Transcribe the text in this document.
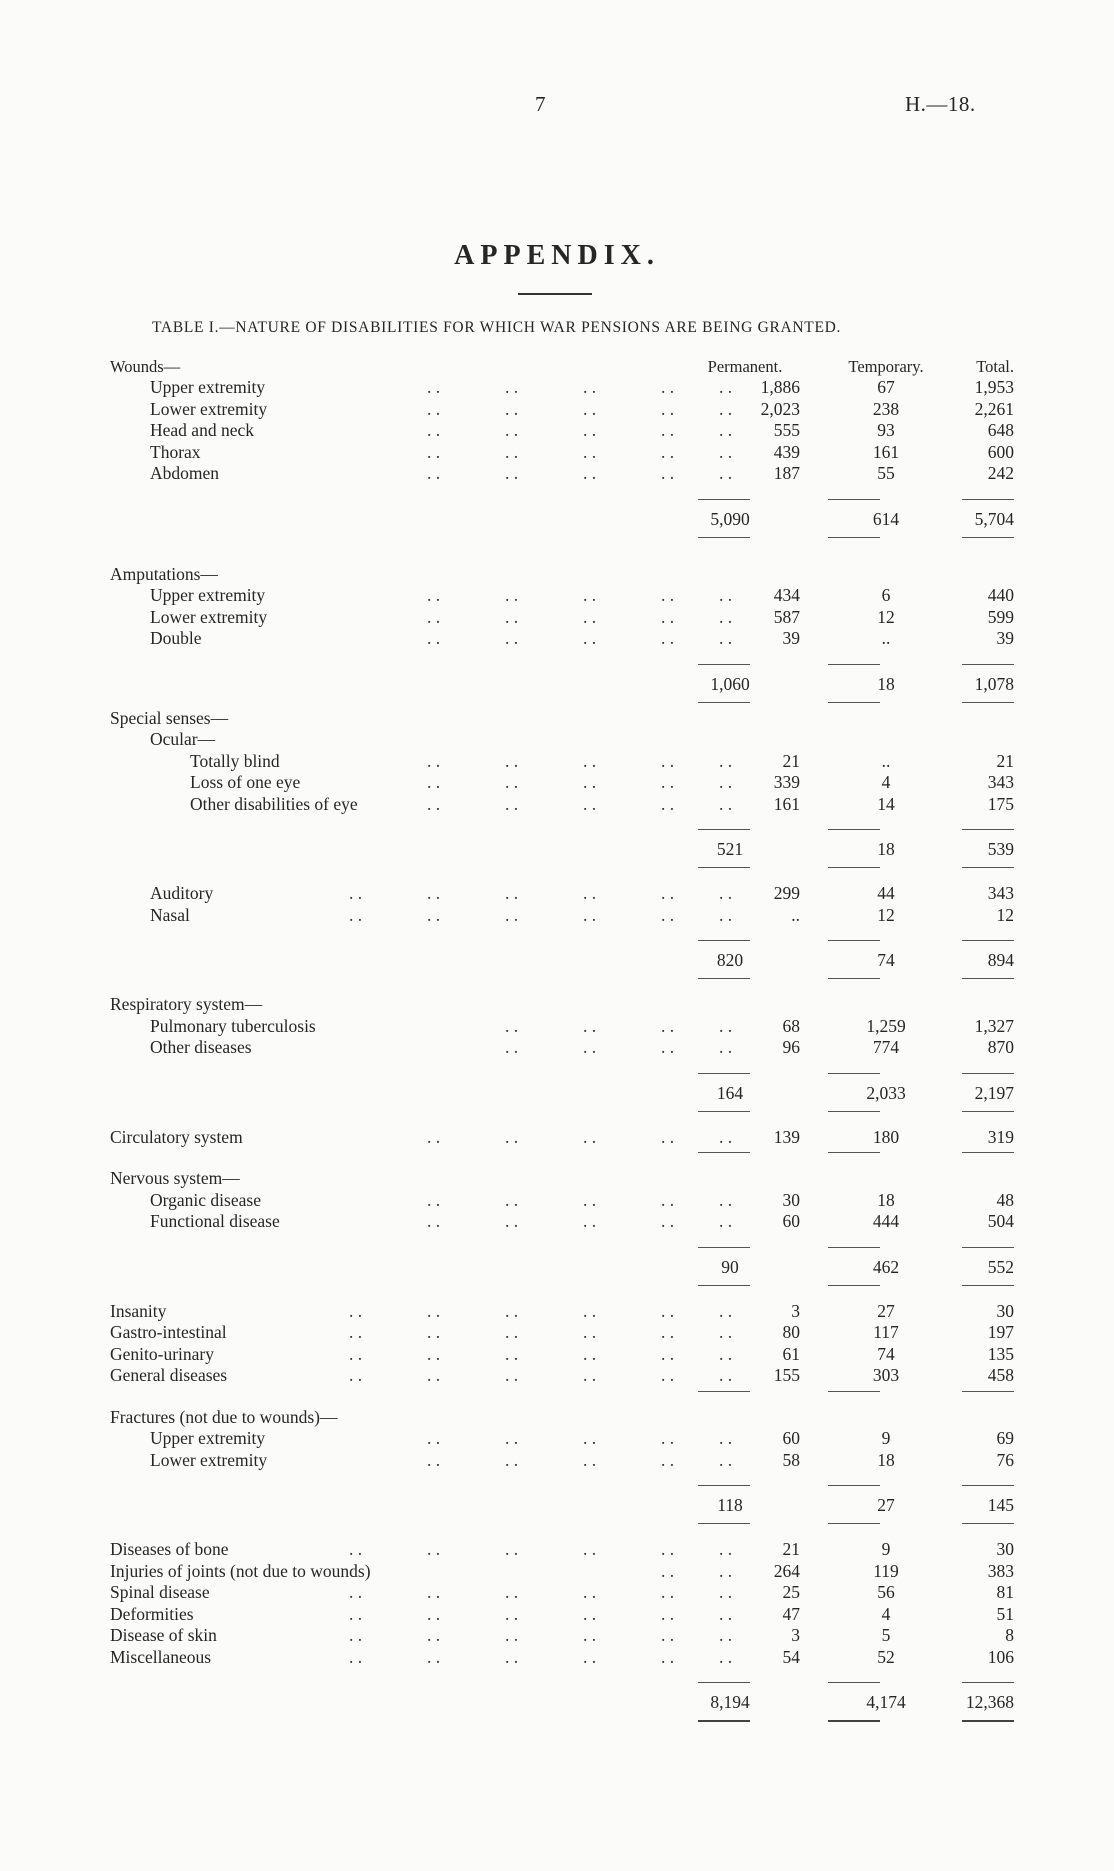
7	H.—18.
APPENDIX.
TABLE I.—NATURE OF DISABILITIES FOR WHICH WAR PENSIONS ARE BEING GRANTED.
Wounds—	Permanent.	Temporary.	Total.
Upper extremity	. .	. .	. .	. .	. .	1,886	67	1,953
Lower extremity	. .	. .	. .	. .	. .	2,023	238	2,261
Head and neck	. .	. .	. .	. .	. .	555	93	648
Thorax	. .	. .	. .	. .	. .	439	161	600
Abdomen	. .	. .	. .	. .	. .	187	55	242
5,090	614	5,704
Amputations—
Upper extremity	. .	. .	. .	. .	. .	434	6	440
Lower extremity	. .	. .	. .	. .	. .	587	12	599
Double	. .	. .	. .	. .	. .	39	..	39
1,060	18	1,078
Special senses—
Ocular—
Totally blind	. .	. .	. .	. .	. .	21	..	21
Loss of one eye	. .	. .	. .	. .	. .	339	4	343
Other disabilities of eye	. .	. .	. .	. .	. .	161	14	175
521	18	539
Auditory	. .	. .	. .	. .	. .	. .	299	44	343
Nasal	. .	. .	. .	. .	. .	. .	..	12	12
820	74	894
Respiratory system—
Pulmonary tuberculosis	. .	. .	. .	. .	68	1,259	1,327
Other diseases	. .	. .	. .	. .	96	774	870
164	2,033	2,197
Circulatory system	. .	. .	. .	. .	. .	139	180	319
Nervous system—
Organic disease	. .	. .	. .	. .	. .	30	18	48
Functional disease	. .	. .	. .	. .	. .	60	444	504
90	462	552
Insanity	. .	. .	. .	. .	. .	. .	3	27	30
Gastro-intestinal	. .	. .	. .	. .	. .	. .	80	117	197
Genito-urinary	. .	. .	. .	. .	. .	. .	61	74	135
General diseases	. .	. .	. .	. .	. .	. .	155	303	458
Fractures (not due to wounds)—
Upper extremity	. .	. .	. .	. .	. .	60	9	69
Lower extremity	. .	. .	. .	. .	. .	58	18	76
118	27	145
Diseases of bone	. .	. .	. .	. .	. .	. .	21	9	30
Injuries of joints (not due to wounds)	. .	. .	264	119	383
Spinal disease	. .	. .	. .	. .	. .	. .	25	56	81
Deformities	. .	. .	. .	. .	. .	. .	47	4	51
Disease of skin	. .	. .	. .	. .	. .	. .	3	5	8
Miscellaneous	. .	. .	. .	. .	. .	. .	54	52	106
8,194	4,174	12,368
